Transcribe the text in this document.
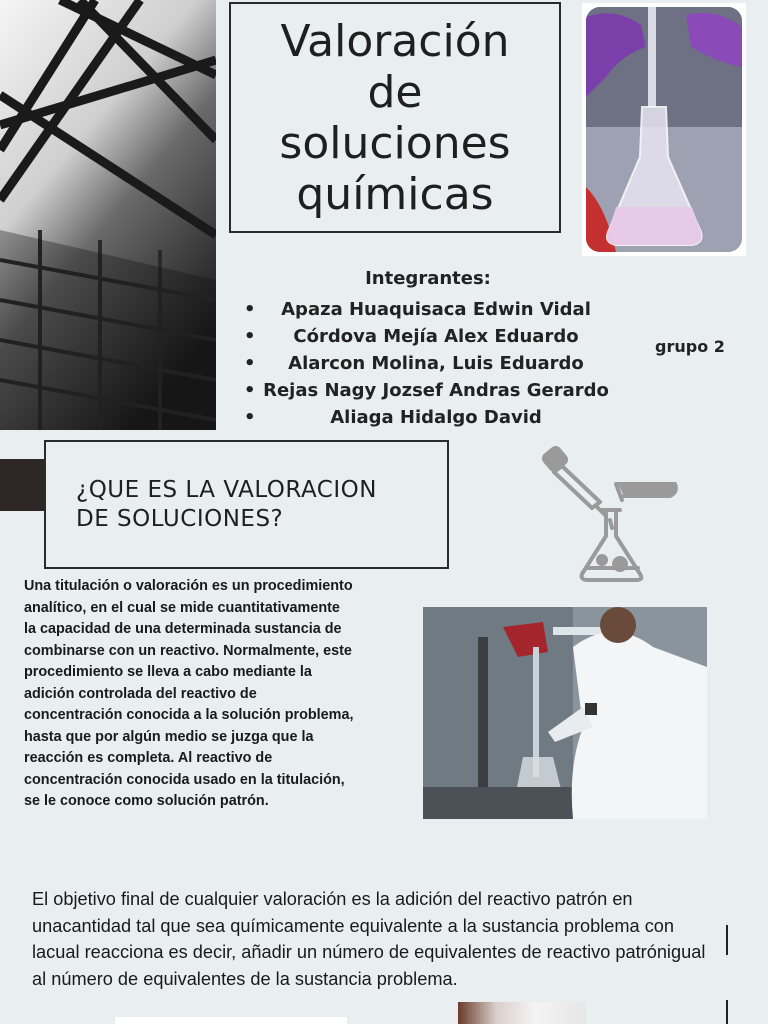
Valoración
de
soluciones
químicas
Integrantes:
• Apaza Huaquisaca Edwin Vidal
• Córdova Mejía Alex Eduardo
• Alarcon Molina, Luis Eduardo
• Rejas Nagy Jozsef Andras Gerardo
• Aliaga Hidalgo David
grupo 2
¿QUE ES LA VALORACION
DE SOLUCIONES?

Una titulación o valoración es un procedimiento analítico, en el cual se mide cuantitativamente la capacidad de una determinada sustancia de combinarse con un reactivo. Normalmente, este procedimiento se lleva a cabo mediante la adición controlada del reactivo de concentración conocida a la solución problema, hasta que por algún medio se juzga que la reacción es completa. Al reactivo de concentración conocida usado en la titulación, se le conoce como solución patrón.

El objetivo final de cualquier valoración es la adición del reactivo patrón en unacantidad tal que sea químicamente equivalente a la sustancia problema con lacual reacciona es decir, añadir un número de equivalentes de reactivo patrónigual al número de equivalentes de la sustancia problema.
